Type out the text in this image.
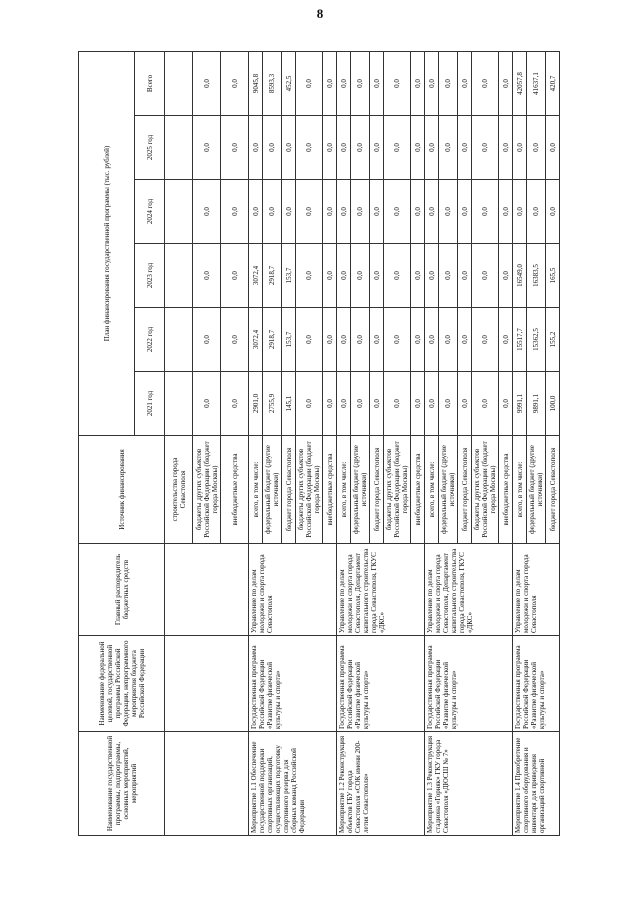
8
Наименование государственной программы, подпрограммы, основных мероприятий, мероприятий	Наименование федеральной целевой, государственной программы Российской Федерации, непрограммного мероприятия бюджета Российской Федерации	Главный распорядитель бюджетных средств	Источник финансирования	План финансирования государственной программы (тыс. рублей)					
				2021 год	2022 год	2023 год	2024 год	2025 год	Всего
			строительства города Севастополя						
			бюджеты других субъектов Российской Федерации (бюджет города Москвы)	0,0	0,0	0,0	0,0	0,0	0,0
			внебюджетные средства	0,0	0,0	0,0	0,0	0,0	0,0
Мероприятие 1.1 Обеспечение государственной поддержки спортивных организаций, осуществляющих подготовку спортивного резерва для сборных команд Российской Федерации	Государственная программа Российской Федерации «Развитие физической культуры и спорта»	Управление по делам молодежи и спорта города Севастополя	всего, в том числе:	2901,0	3072,4	3072,4	0,0	0,0	9045,8
			федеральный бюджет (другие источники)	2755,9	2918,7	2918,7	0,0	0,0	8593,3
			бюджет города Севастополя	145,1	153,7	153,7	0,0	0,0	452,5
			бюджеты других субъектов Российской Федерации (бюджет города Москвы)	0,0	0,0	0,0	0,0	0,0	0,0
			внебюджетные средства	0,0	0,0	0,0	0,0	0,0	0,0
Мероприятие 1.2 Реконструкция объектов ГБУ города Севастополя «СОК имени 200-летия Севастополя»	Государственная программа Российской Федерации «Развитие физической культуры и спорта»	Управление по делам молодежи и спорта города Севастополя, Департамент капитального строительства города Севастополя, ГКУС «ДКС»	всего, в том числе:	0,0	0,0	0,0	0,0	0,0	0,0
			федеральный бюджет (другие источники)	0,0	0,0	0,0	0,0	0,0	0,0
			бюджет города Севастополя	0,0	0,0	0,0	0,0	0,0	0,0
			бюджеты других субъектов Российской Федерации (бюджет города Москвы)	0,0	0,0	0,0	0,0	0,0	0,0
			внебюджетные средства	0,0	0,0	0,0	0,0	0,0	0,0
Мероприятие 1.3 Реконструкция стадиона «Горняк» ГКУ города Севастополя «ДЮСШ № 7»	Государственная программа Российской Федерации «Развитие физической культуры и спорта»	Управление по делам молодежи и спорта города Севастополя, Департамент капитального строительства города Севастополя, ГКУС «ДКС»	всего, в том числе:	0,0	0,0	0,0	0,0	0,0	0,0
			федеральный бюджет (другие источники)	0,0	0,0	0,0	0,0	0,0	0,0
			бюджет города Севастополя	0,0	0,0	0,0	0,0	0,0	0,0
			бюджеты других субъектов Российской Федерации (бюджет города Москвы)	0,0	0,0	0,0	0,0	0,0	0,0
			внебюджетные средства	0,0	0,0	0,0	0,0	0,0	0,0
Мероприятие 1.4 Приобретение спортивного оборудования и инвентаря для приведения организаций спортивной	Государственная программа Российской Федерации «Развитие физической культуры и спорта»	Управление по делам молодежи и спорта города Севастополя	всего, в том числе:	9991,1	15517,7	16549,0	0,0	0,0	42057,8
			федеральный бюджет (другие источники)	9891,1	15362,5	16383,5	0,0	0,0	41637,1
			бюджет города Севастополя	100,0	155,2	165,5	0,0	0,0	420,7
